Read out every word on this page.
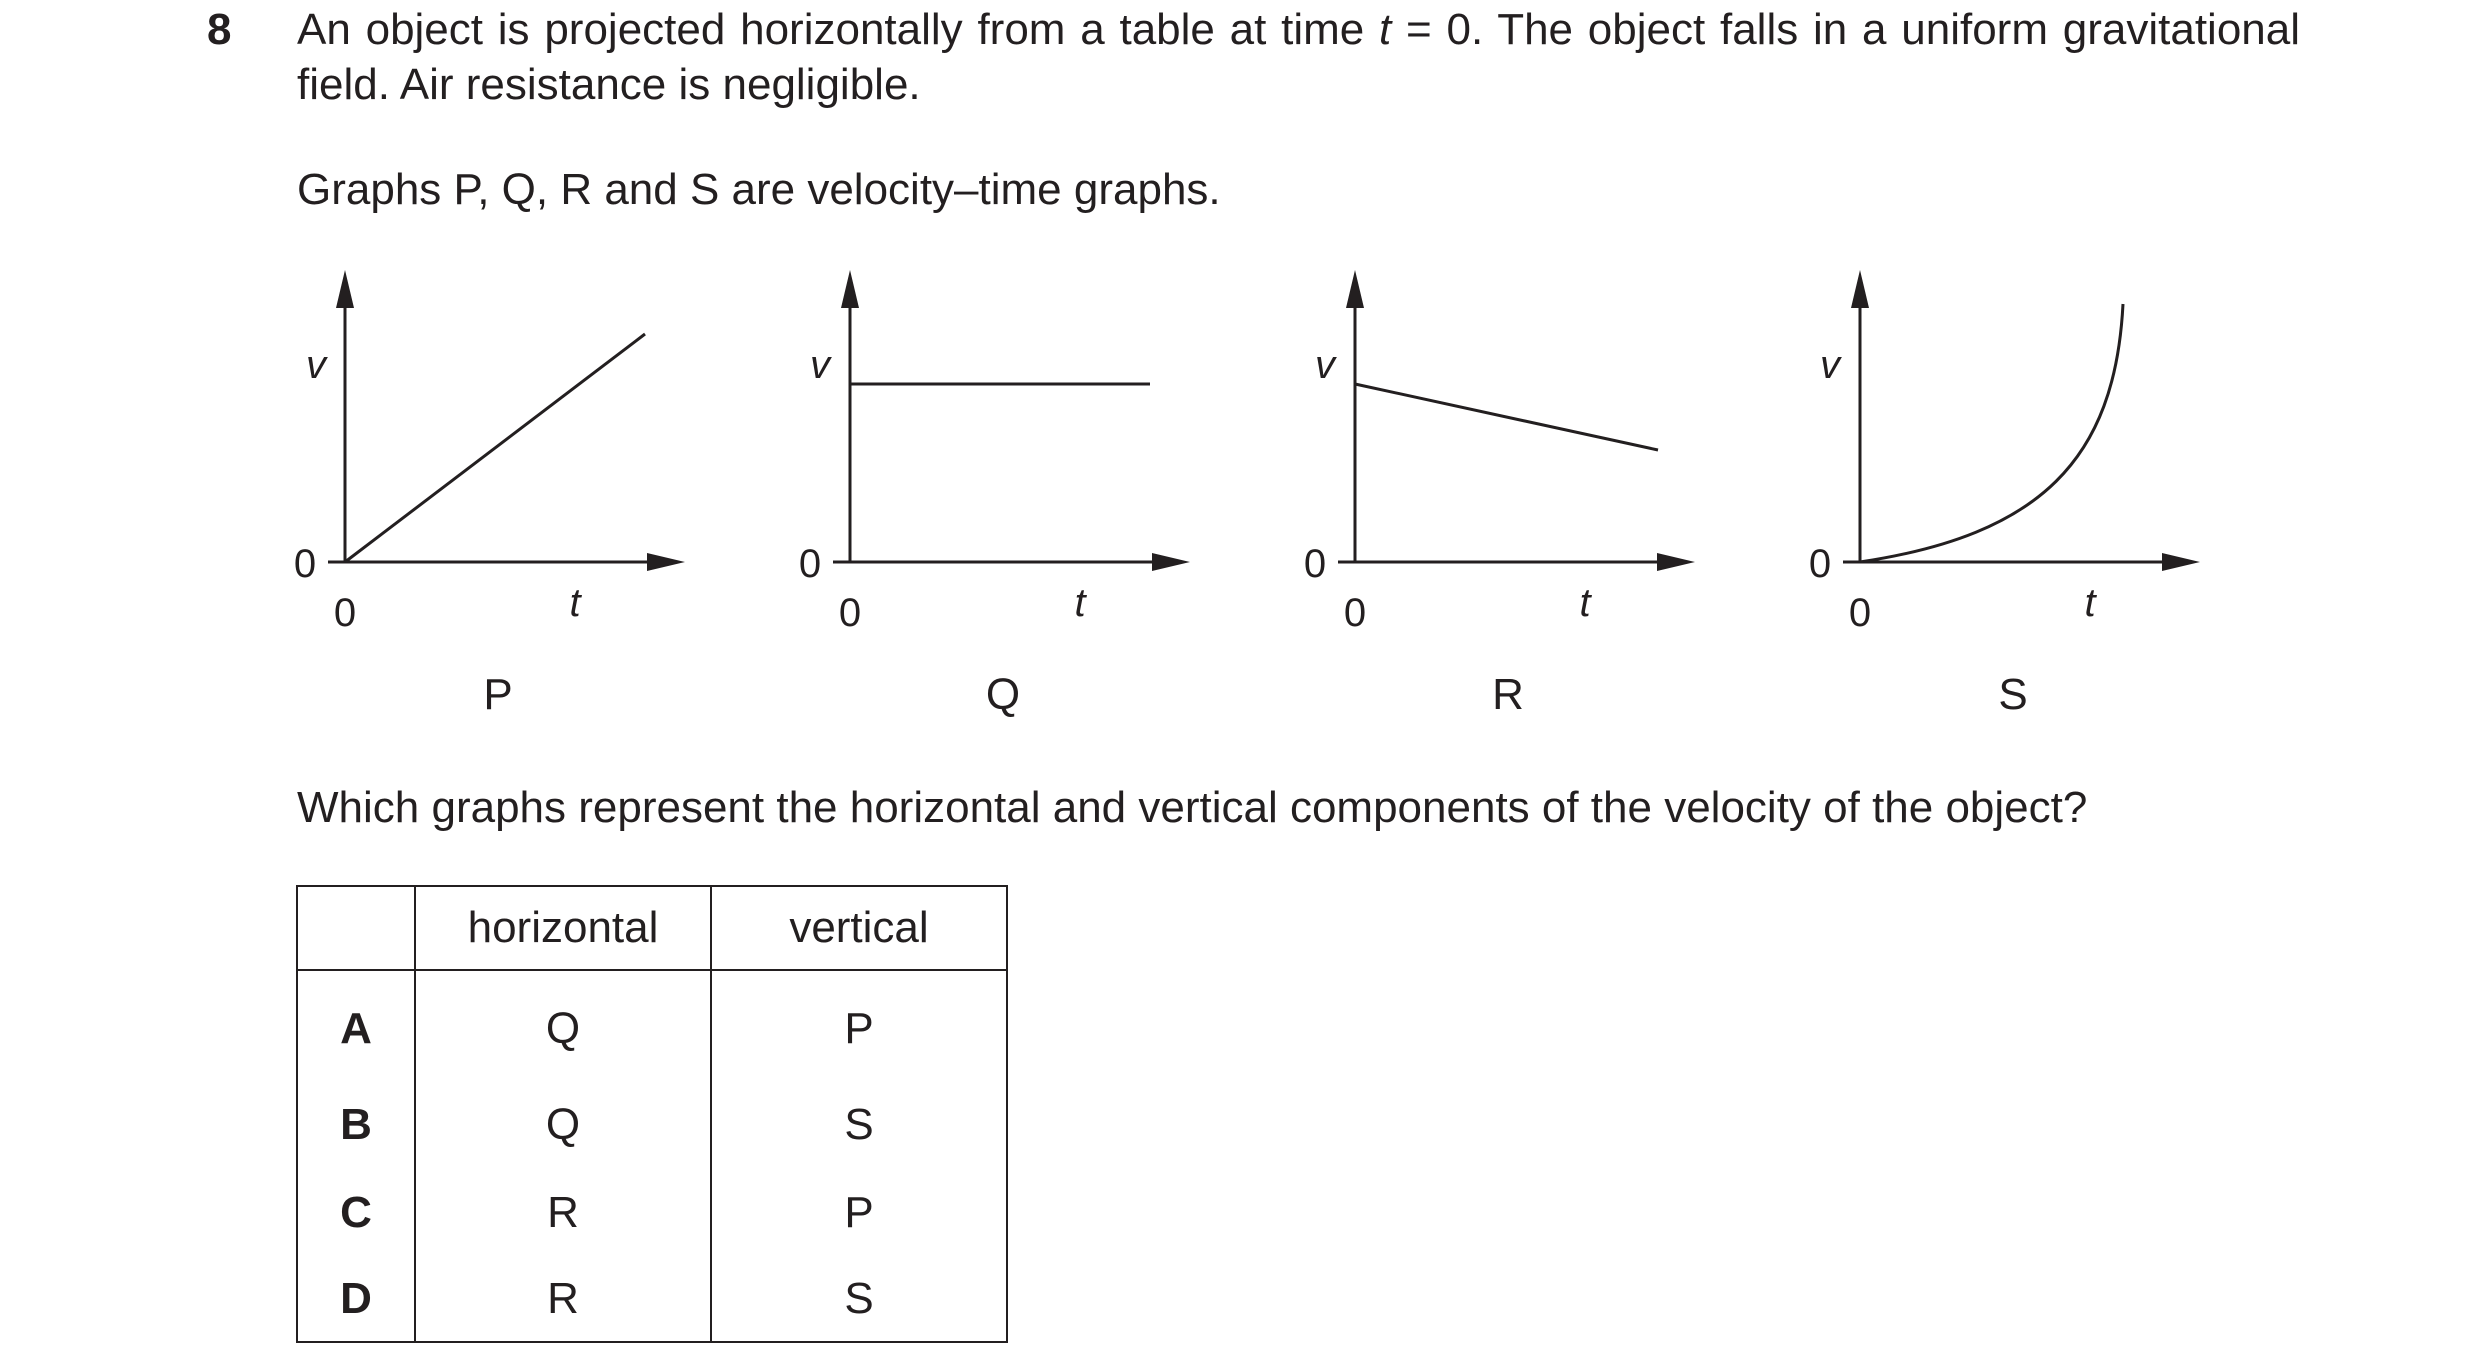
8 An object is projected horizontally from a table at time t = 0. The object falls in a uniform gravitational field. Air resistance is negligible.
Graphs P, Q, R and S are velocity–time graphs.
v
0
0	t
P
v
0
0	t
Q
v
0
0	t
R
v
0
0	t
S
Which graphs represent the horizontal and vertical components of the velocity of the object?
	horizontal	vertical
A	Q	P
B	Q	S
C	R	P
D	R	S
